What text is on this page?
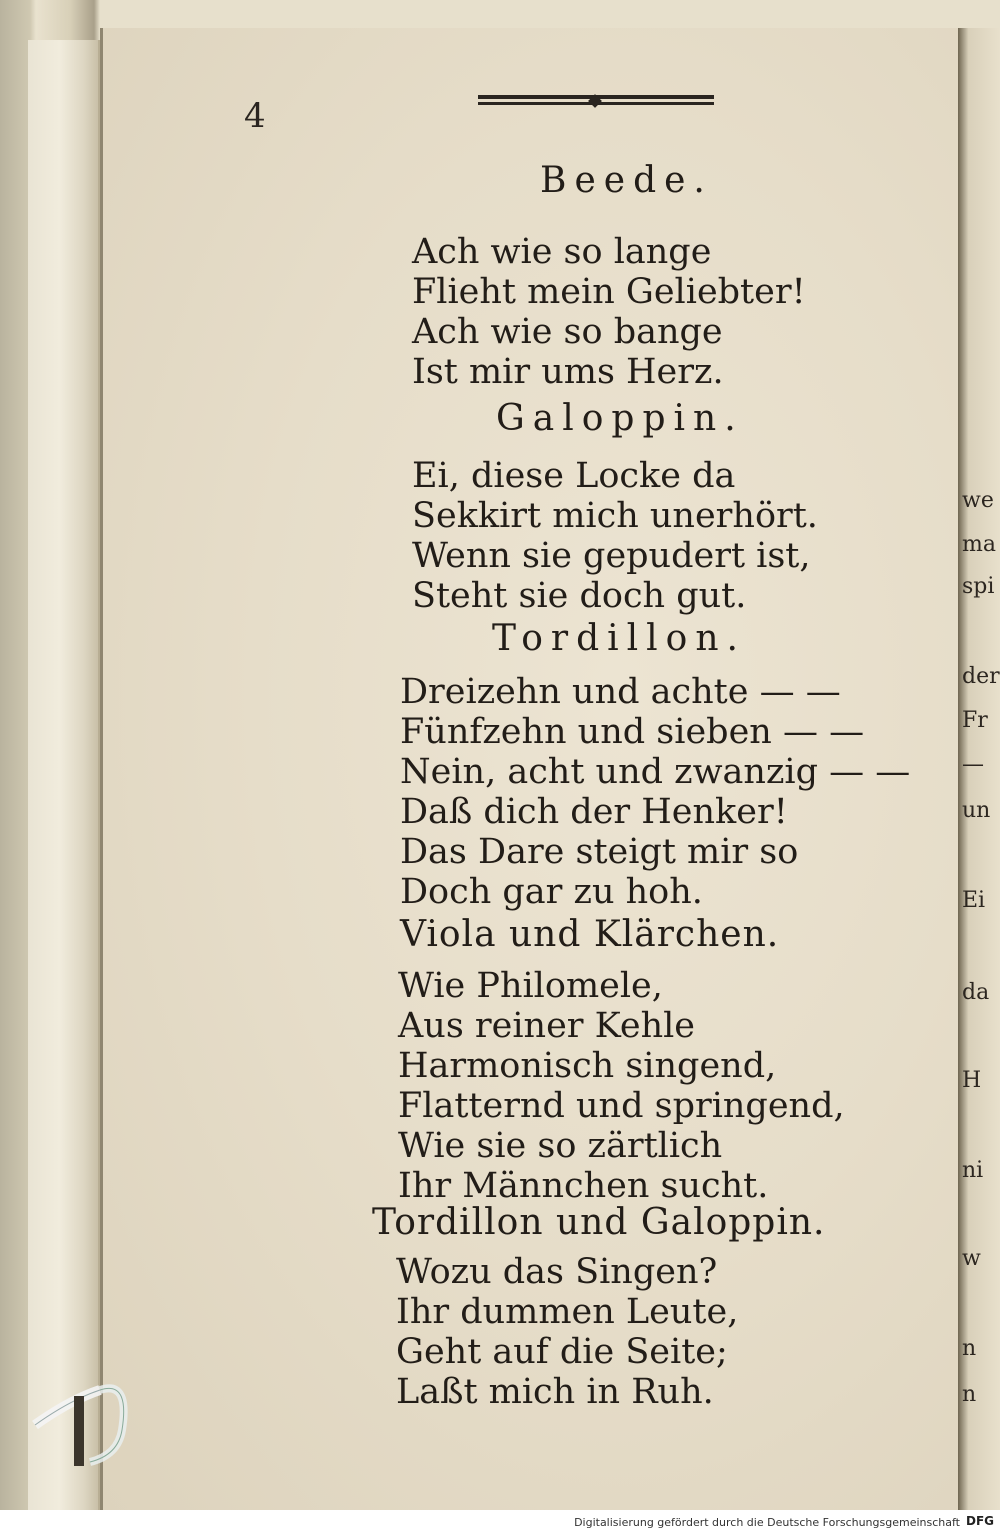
4
Beede.
Ach wie so lange
Flieht mein Geliebter!
Ach wie so bange
Ist mir ums Herz.
Galoppin.
Ei, diese Locke da
Sekkirt mich unerhört.
Wenn sie gepudert ist,
Steht sie doch gut.
Tordillon.
Dreizehn und achte — —
Fünfzehn und sieben — —
Nein, acht und zwanzig — —
Daß dich der Henker!
Das Dare steigt mir so
Doch gar zu hoh.
Viola und Klärchen.
Wie Philomele,
Aus reiner Kehle
Harmonisch singend,
Flatternd und springend,
Wie sie so zärtlich
Ihr Männchen sucht.
Tordillon und Galoppin.
Wozu das Singen?
Ihr dummen Leute,
Geht auf die Seite;
Laßt mich in Ruh.
we
ma
spi
der
Fr
—
un
Ei
da
H
ni
w
n
n
Digitalisierung gefördert durch die Deutsche Forschungsgemeinschaft DFG
